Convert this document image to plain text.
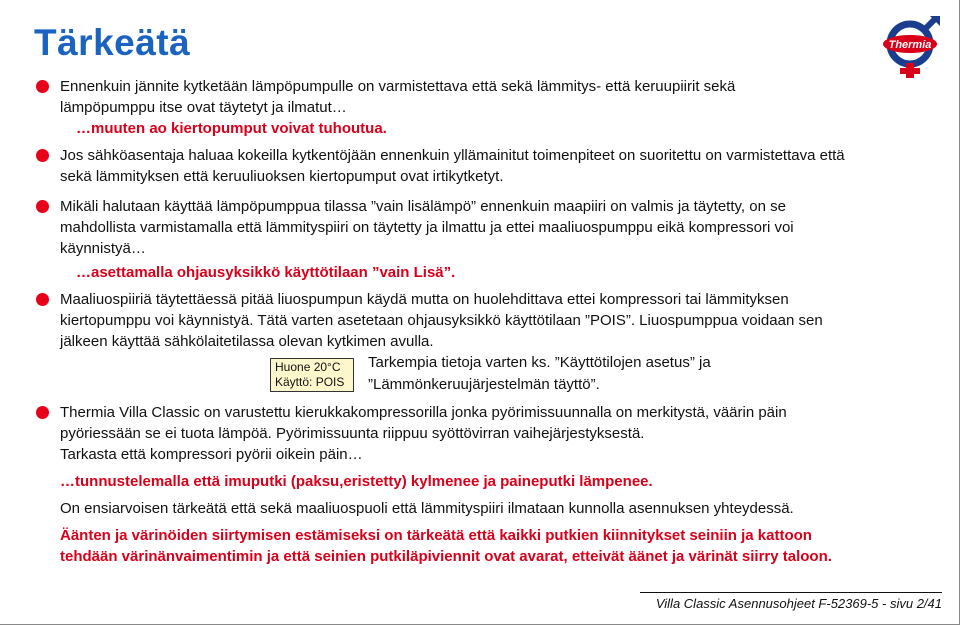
Tärkeätä	Thermia
Ennenkuin jännite kytketään lämpöpumpulle on varmistettava että sekä lämmitys- että keruupiirit sekä
lämpöpumppu itse ovat täytetyt ja ilmatut…
…muuten ao kiertopumput voivat tuhoutua.
Jos sähköasentaja haluaa kokeilla kytkentöjään ennenkuin yllämainitut toimenpiteet on suoritettu on varmistettava että
sekä lämmityksen että keruuliuoksen kiertopumput ovat irtikytketyt.
Mikäli halutaan käyttää lämpöpumppua tilassa ”vain lisälämpö” ennenkuin maapiiri on valmis ja täytetty, on se
mahdollista varmistamalla että lämmityspiiri on täytetty ja ilmattu ja ettei maaliuospumppu eikä kompressori voi
käynnistyä…
…asettamalla ohjausyksikkö käyttötilaan ”vain Lisä”.
Maaliuospiiriä täytettäessä pitää liuospumpun käydä mutta on huolehdittava ettei kompressori tai lämmityksen
kiertopumppu voi käynnistyä. Tätä varten asetetaan ohjausyksikkö käyttötilaan ”POIS”. Liuospumppua voidaan sen
jälkeen käyttää sähkölaitetilassa olevan kytkimen avulla.
Huone 20°C
Käyttö: POIS
Tarkempia tietoja varten ks. ”Käyttötilojen asetus” ja
”Lämmönkeruujärjestelmän täyttö”.
Thermia Villa Classic on varustettu kierukkakompressorilla jonka pyörimissuunnalla on merkitystä, väärin päin
pyöriessään se ei tuota lämpöä. Pyörimissuunta riippuu syöttövirran vaihejärjestyksestä.
Tarkasta että kompressori pyörii oikein päin…
…tunnustelemalla että imuputki (paksu,eristetty) kylmenee ja paineputki lämpenee.
On ensiarvoisen tärkeätä että sekä maaliuospuoli että lämmityspiiri ilmataan kunnolla asennuksen yhteydessä.
Äänten ja värinöiden siirtymisen estämiseksi on tärkeätä että kaikki putkien kiinnitykset seiniin ja kattoon
tehdään värinänvaimentimin ja että seinien putkiläpiviennit ovat avarat, etteivät äänet ja värinät siirry taloon.
Villa Classic Asennusohjeet F-52369-5 - sivu 2/41
